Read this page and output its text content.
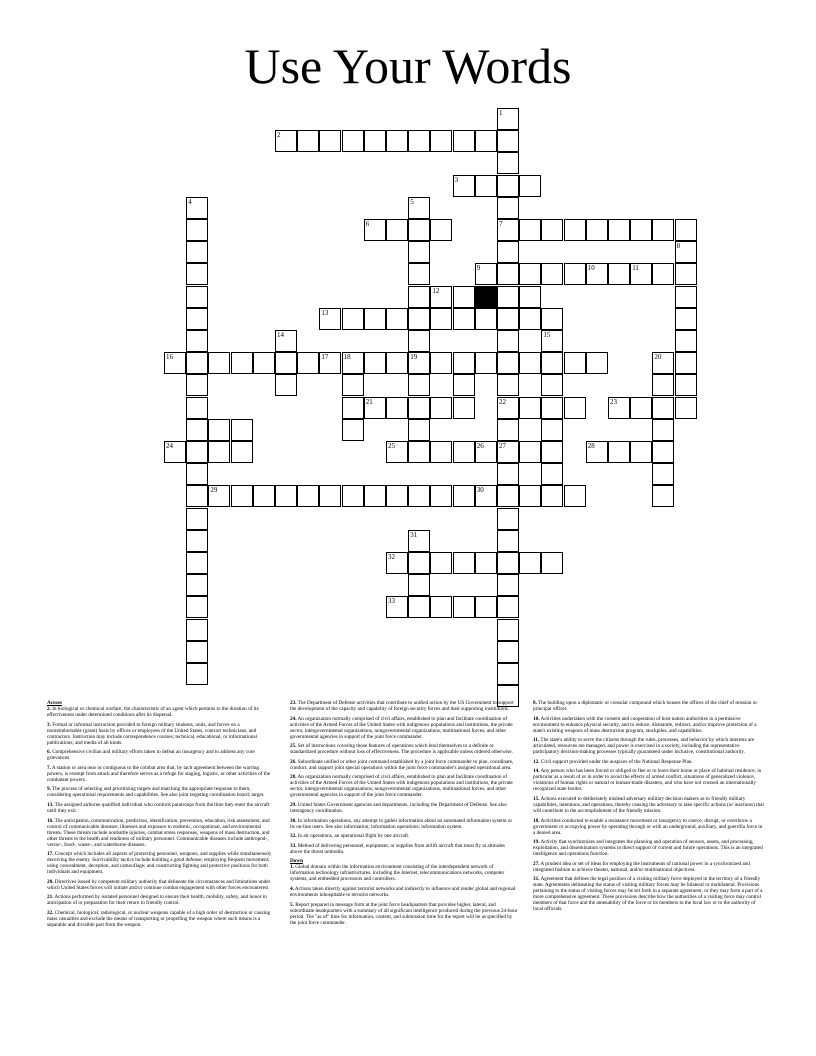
Use Your Words
1
7
22
27
2
3
4	5
19
6
8
9	10	11
12
13
14	15
16	17 18	20
21	23
24	25	26	28
29	30
31
32
33
Across
2. In biological or chemical warfare, the characteristic of an agent which pertains to the duration of its effectiveness under determined conditions after its dispersal.
3. Formal or informal instruction provided to foreign military students, units, and forces on a nonreimbursable (grant) basis by offices or employees of the United States, contract technicians, and contractors. Instruction may include correspondence courses; technical, educational, or informational publications; and media of all kinds.
6. Comprehensive civilian and military efforts taken to defeat an insurgency and to address any core grievances.
7. A station or area near or contiguous to the combat area that, by tacit agreement between the warring powers, is exempt from attack and therefore serves as a refuge for staging, logistic, or other activities of the combatant powers.
9. The process of selecting and prioritizing targets and matching the appropriate response to them, considering operational requirements and capabilities. See also joint targeting coordination board; target.
13. The assigned airborne qualified individual who controls paratroops from the time they enter the aircraft until they exit.
16. The anticipation, communication, prediction, identification, prevention, education, risk assessment, and control of communicable diseases, illnesses and exposure to endemic, occupational, and environmental threats. These threats include nonbattle injuries, combat stress responses, weapons of mass destruction, and other threats to the health and readiness of military personnel. Communicable diseases include anthropod-, vector-, food-, waste-, and waterborne diseases.
17. Concept which includes all aspects of protecting personnel, weapons, and supplies while simultaneously deceiving the enemy. Survivability tactics include building a good defense; employing frequent movement; using concealment, deception, and camouflage; and constructing fighting and protective positions for both individuals and equipment.
20. Directives issued by competent military authority that delineate the circumstances and limitations under which United States forces will initiate and/or continue combat engagement with other forces encountered.
21. Actions performed by isolated personnel designed to ensure their health, mobility, safety, and honor in anticipation of or preparation for their return to friendly control.
22. Chemical, biological, radiological, or nuclear weapons capable of a high order of destruction or causing mass casualties and exclude the means of transporting or propelling the weapon where such means is a separable and divisible part from the weapon.
23. The Department of Defense activities that contribute to unified action by the US Government to support the development of the capacity and capability of foreign security forces and their supporting institutions.
24. An organization normally comprised of civil affairs, established to plan and facilitate coordination of activities of the Armed Forces of the United States with indigenous populations and institutions, the private sector, intergovernmental organizations, nongovernmental organizations, multinational forces, and other governmental agencies in support of the joint force commander.
25. Set of instructions covering those features of operations which lend themselves to a definite or standardized procedure without loss of effectiveness. The procedure is applicable unless ordered otherwise.
26. Subordinate unified or other joint command established by a joint force commander to plan, coordinate, conduct, and support joint special operations within the joint force commander's assigned operational area.
28. An organization normally comprised of civil affairs, established to plan and facilitate coordination of activities of the Armed Forces of the United States with indigenous populations and institutions, the private sector, intergovernmental organizations, nongovernmental organizations, multinational forces, and other governmental agencies in support of the joint force commander.
29. United States Government agencies and departments, including the Department of Defense. See also interagency coordination.
30. In information operations, any attempt to gather information about an automated information system or its on-line users. See also information; information operations; information system.
32. In air operations, an operational flight by one aircraft.
33. Method of delivering personnel, equipment, or supplies from airlift aircraft that must fly at altitudes above the threat umbrella.
Down
1. Global domain within the information environment consisting of the interdependent network of information technology infrastructures, including the Internet, telecommunications networks, computer systems, and embedded processors and controllers.
4. Actions taken directly against terrorist networks and indirectly to influence and render global and regional environments inhospitable to terrorist networks.
5. Report prepared in message form at the joint force headquarters that provides higher, lateral, and subordinate headquarters with a summary of all significant intelligence produced during the previous 24-hour period. The "as of" time for information, content, and submission time for the report will be as specified by the joint force commander.
8. The building upon a diplomatic or consular compound which houses the offices of the chief of mission or principal officer.
10. Activities undertaken with the consent and cooperation of host nation authorities in a permissive environment to enhance physical security, and to reduce, dismantle, redirect, and/or improve protection of a state's existing weapons of mass destruction program, stockpiles, and capabilities.
11. The state's ability to serve the citizens through the rules, processes, and behavior by which interests are articulated, resources are managed, and power is exercised in a society, including the representative participatory decision-making processes typically guaranteed under inclusive, constitutional authority.
12. Civil support provided under the auspices of the National Response Plan.
14. Any person who has been forced or obliged to flee or to leave their home or place of habitual residence, in particular as a result of or in order to avoid the effects of armed conflict, situations of generalized violence, violations of human rights or natural or human-made disasters, and who have not crossed an internationally recognized state border.
15. Actions executed to deliberately mislead adversary military decision makers as to friendly military capabilities, intentions, and operations, thereby causing the adversary to take specific actions (or inactions) that will contribute to the accomplishment of the friendly mission.
18. Activities conducted to enable a resistance movement or insurgency to coerce, disrupt, or overthrow a government or occupying power by operating through or with an underground, auxiliary, and guerrilla force in a denied area.
19. Activity that synchronizes and integrates the planning and operation of sensors, assets, and processing, exploitation, and dissemination systems in direct support of current and future operations. This is an integrated intelligence and operations function.
27. A prudent idea or set of ideas for employing the instruments of national power in a synchronized and integrated fashion to achieve theater, national, and/or multinational objectives.
31. Agreement that defines the legal position of a visiting military force deployed in the territory of a friendly state. Agreements delineating the status of visiting military forces may be bilateral or multilateral. Provisions pertaining to the status of visiting forces may be set forth in a separate agreement, or they may form a part of a more comprehensive agreement. These provisions describe how the authorities of a visiting force may control members of that force and the amenability of the force or its members to the local law or to the authority of local officials.
